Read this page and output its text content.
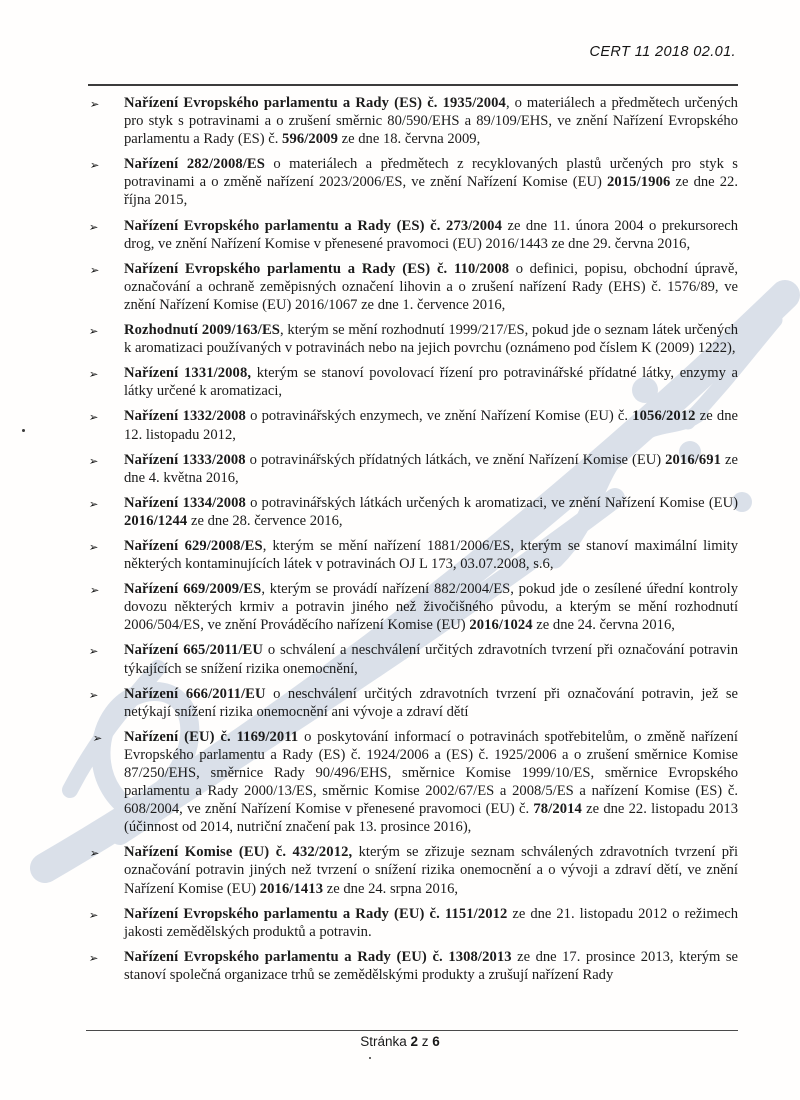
CERT 11 2018 02.01.
➢	Nařízení Evropského parlamentu a Rady (ES) č. 1935/2004, o materiálech a předmětech určených pro styk s potravinami a o zrušení směrnic 80/590/EHS a 89/109/EHS, ve znění Nařízení Evropského parlamentu a Rady (ES) č. 596/2009 ze dne 18. června 2009,
➢	Nařízení 282/2008/ES o materiálech a předmětech z recyklovaných plastů určených pro styk s potravinami a o změně nařízení 2023/2006/ES, ve znění Nařízení Komise (EU) 2015/1906 ze dne 22. října 2015,
➢	Nařízení Evropského parlamentu a Rady (ES) č. 273/2004 ze dne 11. února 2004 o prekursorech drog, ve znění Nařízení Komise v přenesené pravomoci (EU) 2016/1443 ze dne 29. června 2016,
➢	Nařízení Evropského parlamentu a Rady (ES) č. 110/2008 o definici, popisu, obchodní úpravě, označování a ochraně zeměpisných označení lihovin a o zrušení nařízení Rady (EHS) č. 1576/89, ve znění Nařízení Komise (EU) 2016/1067 ze dne 1. července 2016,
➢	Rozhodnutí 2009/163/ES, kterým se mění rozhodnutí 1999/217/ES, pokud jde o seznam látek určených k aromatizaci používaných v potravinách nebo na jejich povrchu (oznámeno pod číslem K (2009) 1222),
➢	Nařízení 1331/2008, kterým se stanoví povolovací řízení pro potravinářské přídatné látky, enzymy a látky určené k aromatizaci,
➢	Nařízení 1332/2008 o potravinářských enzymech, ve znění Nařízení Komise (EU) č. 1056/2012 ze dne 12. listopadu 2012,
➢	Nařízení 1333/2008 o potravinářských přídatných látkách, ve znění Nařízení Komise (EU) 2016/691 ze dne 4. května 2016,
➢	Nařízení 1334/2008 o potravinářských látkách určených k aromatizaci, ve znění Nařízení Komise (EU) 2016/1244 ze dne 28. července 2016,
➢	Nařízení 629/2008/ES, kterým se mění nařízení 1881/2006/ES, kterým se stanoví maximální limity některých kontaminujících látek v potravinách OJ L 173, 03.07.2008, s.6,
➢	Nařízení 669/2009/ES, kterým se provádí nařízení 882/2004/ES, pokud jde o zesílené úřední kontroly dovozu některých krmiv a potravin jiného než živočišného původu, a kterým se mění rozhodnutí 2006/504/ES, ve znění Prováděcího nařízení Komise (EU) 2016/1024 ze dne 24. června 2016,
➢	Nařízení 665/2011/EU o schválení a neschválení určitých zdravotních tvrzení při označování potravin týkajících se snížení rizika onemocnění,
➢	Nařízení 666/2011/EU o neschválení určitých zdravotních tvrzení při označování potravin, jež se netýkají snížení rizika onemocnění ani vývoje a zdraví dětí
➢	Nařízení (EU) č. 1169/2011 o poskytování informací o potravinách spotřebitelům, o změně nařízení Evropského parlamentu a Rady (ES) č. 1924/2006 a (ES) č. 1925/2006 a o zrušení směrnice Komise 87/250/EHS, směrnice Rady 90/496/EHS, směrnice Komise 1999/10/ES, směrnice Evropského parlamentu a Rady 2000/13/ES, směrnic Komise 2002/67/ES a 2008/5/ES a nařízení Komise (ES) č. 608/2004, ve znění Nařízení Komise v přenesené pravomoci (EU) č. 78/2014 ze dne 22. listopadu 2013 (účinnost od 2014, nutriční značení pak 13. prosince 2016),
➢	Nařízení Komise (EU) č. 432/2012, kterým se zřizuje seznam schválených zdravotních tvrzení při označování potravin jiných než tvrzení o snížení rizika onemocnění a o vývoji a zdraví dětí, ve znění Nařízení Komise (EU) 2016/1413 ze dne 24. srpna 2016,
➢	Nařízení Evropského parlamentu a Rady (EU) č. 1151/2012 ze dne 21. listopadu 2012 o režimech jakosti zemědělských produktů a potravin.
➢	Nařízení Evropského parlamentu a Rady (EU) č. 1308/2013 ze dne 17. prosince 2013, kterým se stanoví společná organizace trhů se zemědělskými produkty a zrušují nařízení Rady
Stránka 2 z 6
